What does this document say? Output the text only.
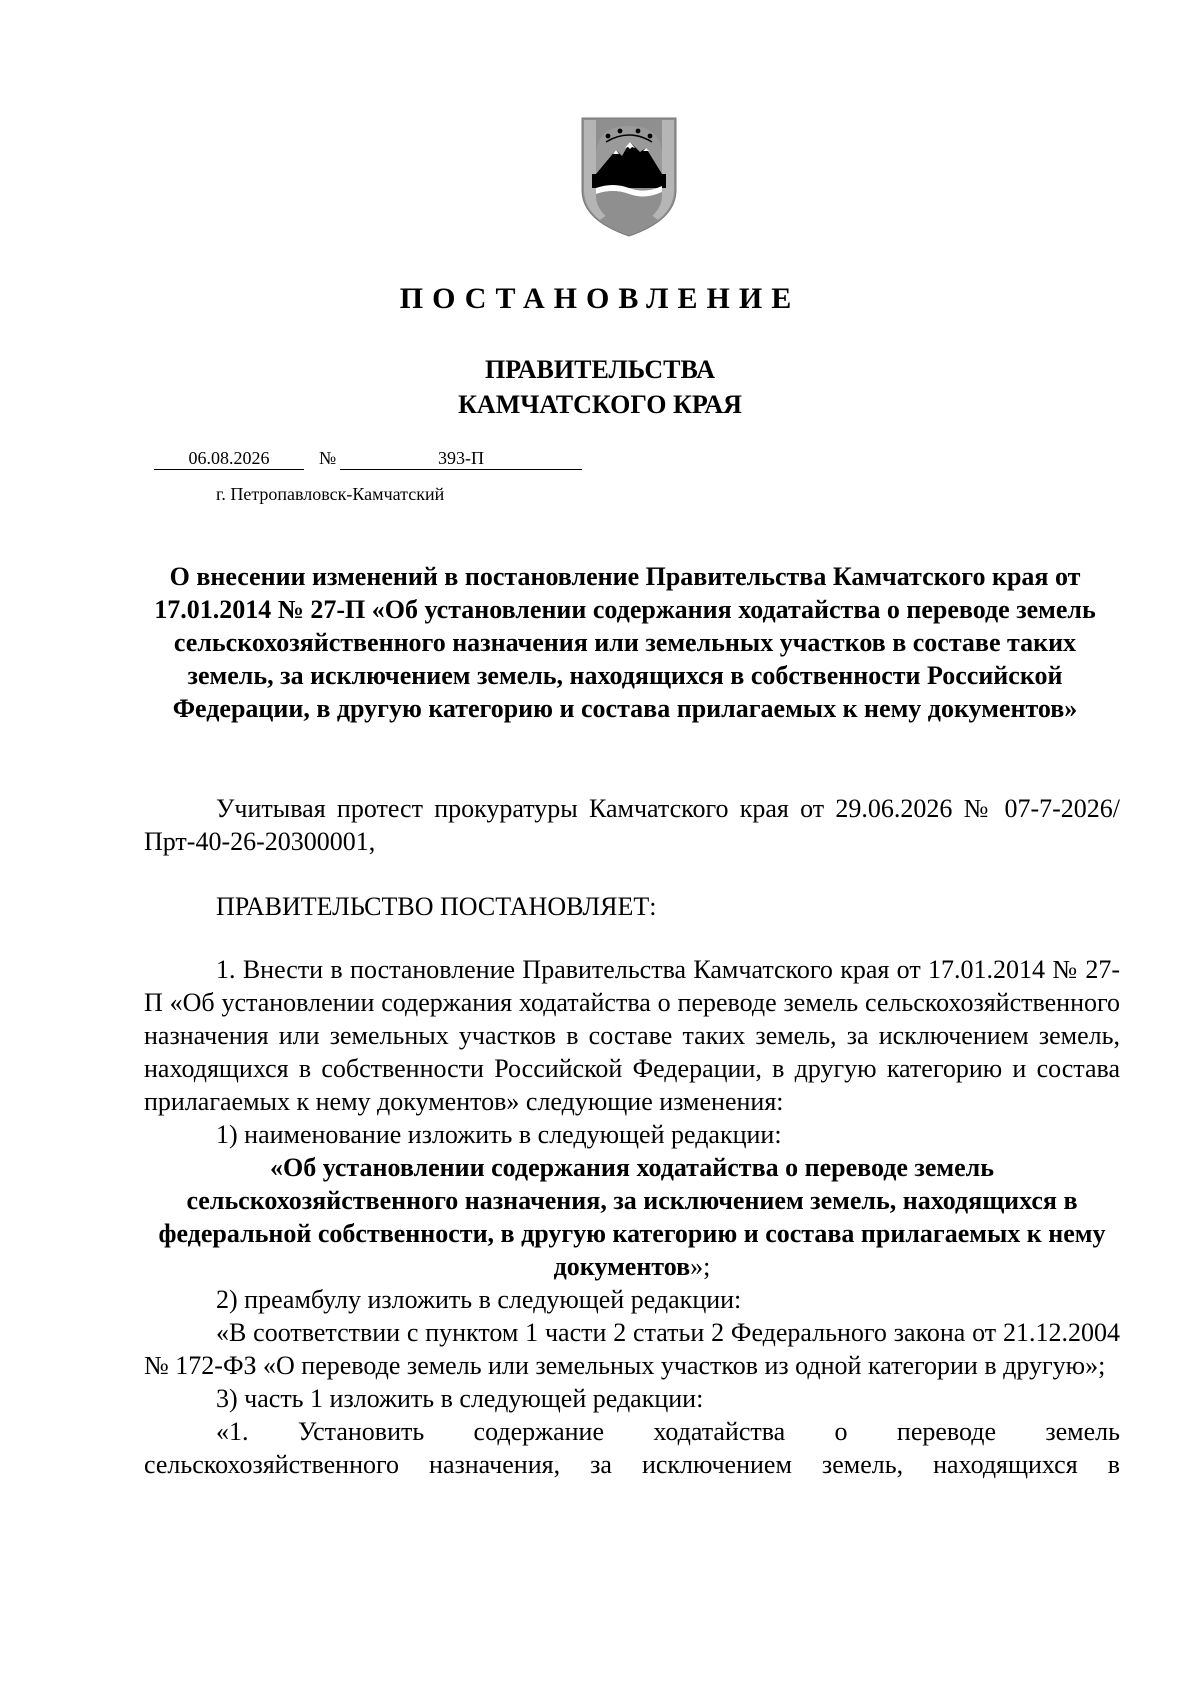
ПОСТАНОВЛЕНИЕ
ПРАВИТЕЛЬСТВА
КАМЧАТСКОГО КРАЯ
06.08.2026	№	393-П
г. Петропавловск-Камчатский
О внесении изменений в постановление Правительства Камчатского края от 17.01.2014 № 27-П «Об установлении содержания ходатайства о переводе земель сельскохозяйственного назначения или земельных участков в составе таких земель, за исключением земель, находящихся в собственности Российской Федерации, в другую категорию и состава прилагаемых к нему документов»

Учитывая протест прокуратуры Камчатского края от 29.06.2026 № 07-7-2026/Прт-40-26-20300001,

ПРАВИТЕЛЬСТВО ПОСТАНОВЛЯЕТ:

1. Внести в постановление Правительства Камчатского края от 17.01.2014 № 27-П «Об установлении содержания ходатайства о переводе земель сельскохозяйственного назначения или земельных участков в составе таких земель, за исключением земель, находящихся в собственности Российской Федерации, в другую категорию и состава прилагаемых к нему документов» следующие изменения:

1) наименование изложить в следующей редакции:

«Об установлении содержания ходатайства о переводе земель сельскохозяйственного назначения, за исключением земель, находящихся в федеральной собственности, в другую категорию и состава прилагаемых к нему документов»;

2) преамбулу изложить в следующей редакции:

«В соответствии с пунктом 1 части 2 статьи 2 Федерального закона от 21.12.2004 № 172-ФЗ «О переводе земель или земельных участков из одной категории в другую»;

3) часть 1 изложить в следующей редакции:

«1. Установить содержание ходатайства о переводе земель сельскохозяйственного назначения, за исключением земель, находящихся в
